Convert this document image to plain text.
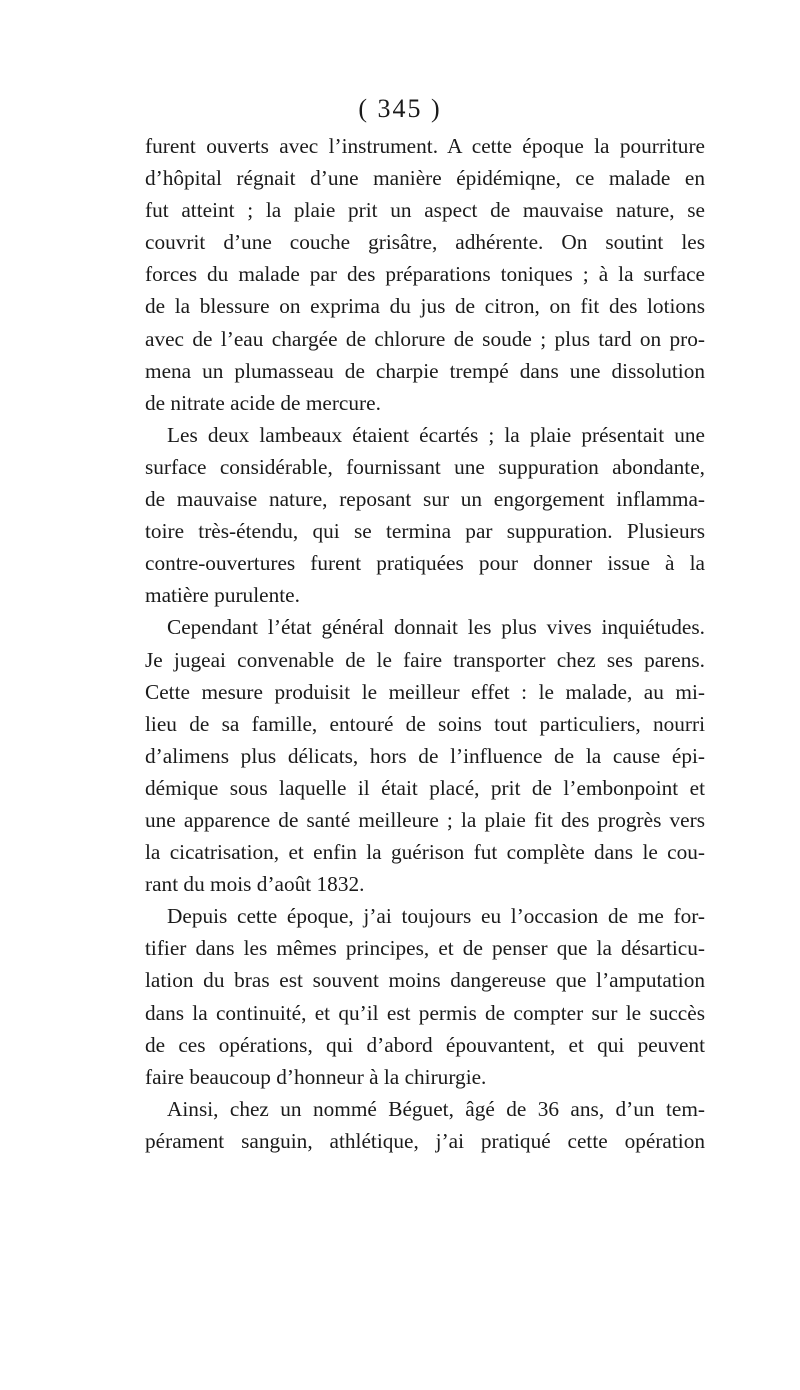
( 345 )
furent ouverts avec l’instrument. A cette époque la pourriture
d’hôpital régnait d’une manière épidémiqne, ce malade en
fut atteint ; la plaie prit un aspect de mauvaise nature, se
couvrit d’une couche grisâtre, adhérente. On soutint les
forces du malade par des préparations toniques ; à la surface
de la blessure on exprima du jus de citron, on fit des lotions
avec de l’eau chargée de chlorure de soude ; plus tard on pro-
mena un plumasseau de charpie trempé dans une dissolution
de nitrate acide de mercure.
Les deux lambeaux étaient écartés ; la plaie présentait une
surface considérable, fournissant une suppuration abondante,
de mauvaise nature, reposant sur un engorgement inflamma-
toire très-étendu, qui se termina par suppuration. Plusieurs
contre-ouvertures furent pratiquées pour donner issue à la
matière purulente.
Cependant l’état général donnait les plus vives inquiétudes.
Je jugeai convenable de le faire transporter chez ses parens.
Cette mesure produisit le meilleur effet : le malade, au mi-
lieu de sa famille, entouré de soins tout particuliers, nourri
d’alimens plus délicats, hors de l’influence de la cause épi-
démique sous laquelle il était placé, prit de l’embonpoint et
une apparence de santé meilleure ; la plaie fit des progrès vers
la cicatrisation, et enfin la guérison fut complète dans le cou-
rant du mois d’août 1832.
Depuis cette époque, j’ai toujours eu l’occasion de me for-
tifier dans les mêmes principes, et de penser que la désarticu-
lation du bras est souvent moins dangereuse que l’amputation
dans la continuité, et qu’il est permis de compter sur le succès
de ces opérations, qui d’abord épouvantent, et qui peuvent
faire beaucoup d’honneur à la chirurgie.
Ainsi, chez un nommé Béguet, âgé de 36 ans, d’un tem-
pérament sanguin, athlétique, j’ai pratiqué cette opération
